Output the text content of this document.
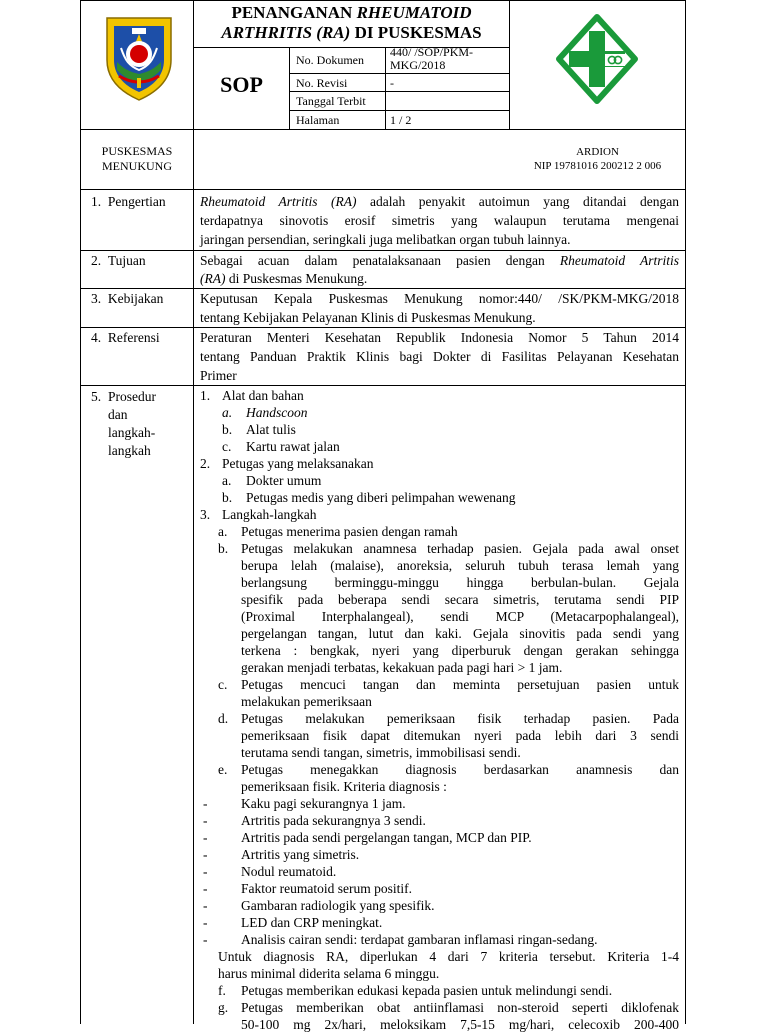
PENANGANAN RHEUMATOID
ARTHRITIS (RA) DI PUSKESMAS
SOP
No. Dokumen
440/ /SOP/PKM-
MKG/2018
No. Revisi	-
Tanggal Terbit
Halaman	1 / 2
PUSKESMAS
MENUKUNG
ARDION
NIP 19781016 200212 2 006
1. Pengertian
2. Tujuan
3. Kebijakan
4. Referensi
5. Prosedur
dan
langkah-
langkah
Rheumatoid Artritis (RA) adalah penyakit autoimun yang ditandai dengan
terdapatnya sinovotis erosif simetris yang walaupun terutama mengenai
jaringan persendian, seringkali juga melibatkan organ tubuh lainnya.
Sebagai acuan dalam penatalaksanaan pasien dengan Rheumatoid Artritis
(RA) di Puskesmas Menukung.
Keputusan Kepala Puskesmas Menukung nomor:440/ /SK/PKM-MKG/2018
tentang Kebijakan Pelayanan Klinis di Puskesmas Menukung.
Peraturan Menteri Kesehatan Republik Indonesia Nomor 5 Tahun 2014
tentang Panduan Praktik Klinis bagi Dokter di Fasilitas Pelayanan Kesehatan
Primer
1. Alat dan bahan
a. Handscoon
b. Alat tulis
c. Kartu rawat jalan
2. Petugas yang melaksanakan
a. Dokter umum
b. Petugas medis yang diberi pelimpahan wewenang
3. Langkah-langkah
a. Petugas menerima pasien dengan ramah
b. Petugas melakukan anamnesa terhadap pasien. Gejala pada awal onset
berupa lelah (malaise), anoreksia, seluruh tubuh terasa lemah yang
berlangsung berminggu-minggu hingga berbulan-bulan. Gejala
spesifik pada beberapa sendi secara simetris, terutama sendi PIP
(Proximal Interphalangeal), sendi MCP (Metacarpophalangeal),
pergelangan tangan, lutut dan kaki. Gejala sinovitis pada sendi yang
terkena : bengkak, nyeri yang diperburuk dengan gerakan sehingga
gerakan menjadi terbatas, kekakuan pada pagi hari > 1 jam.
c. Petugas mencuci tangan dan meminta persetujuan pasien untuk
melakukan pemeriksaan
d. Petugas melakukan pemeriksaan fisik terhadap pasien. Pada
pemeriksaan fisik dapat ditemukan nyeri pada lebih dari 3 sendi
terutama sendi tangan, simetris, immobilisasi sendi.
e. Petugas menegakkan diagnosis berdasarkan anamnesis dan
pemeriksaan fisik. Kriteria diagnosis :
- Kaku pagi sekurangnya 1 jam.
- Artritis pada sekurangnya 3 sendi.
- Artritis pada sendi pergelangan tangan, MCP dan PIP.
- Artritis yang simetris.
- Nodul reumatoid.
- Faktor reumatoid serum positif.
- Gambaran radiologik yang spesifik.
- LED dan CRP meningkat.
- Analisis cairan sendi: terdapat gambaran inflamasi ringan-sedang.
Untuk diagnosis RA, diperlukan 4 dari 7 kriteria tersebut. Kriteria 1-4
harus minimal diderita selama 6 minggu.
f. Petugas memberikan edukasi kepada pasien untuk melindungi sendi.
g. Petugas memberikan obat antiinflamasi non-steroid seperti diklofenak
50-100 mg 2x/hari, meloksikam 7,5-15 mg/hari, celecoxib 200-400
